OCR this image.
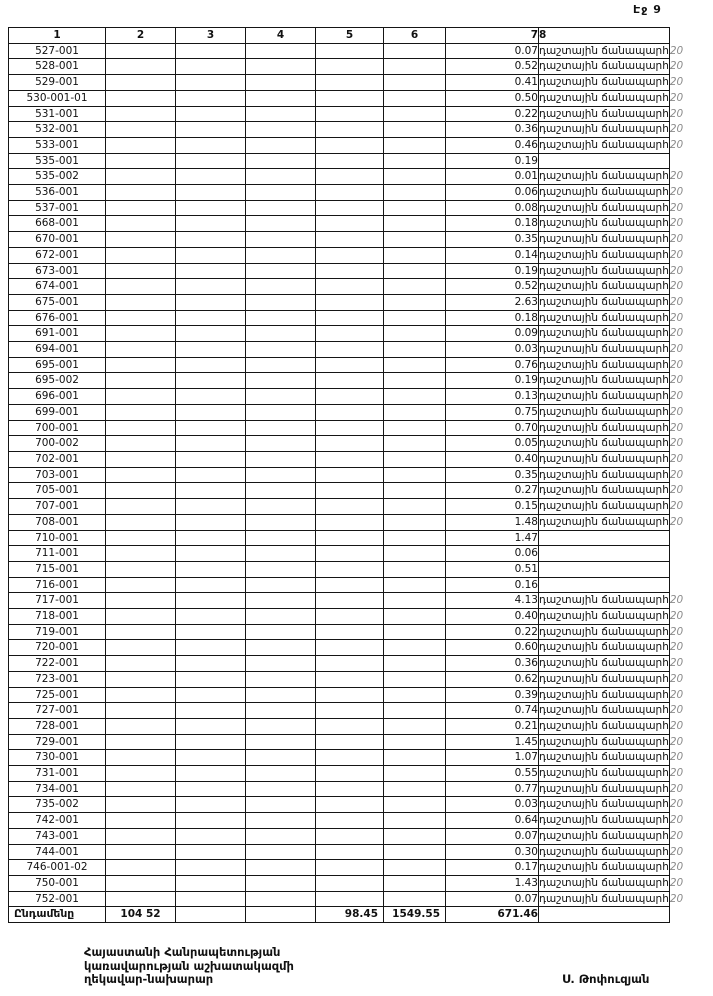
Էջ 9
1	2	3	4	5	6	7	8	
527-001						0.07	դաշտային ճանապարհ	20
528-001						0.52	դաշտային ճանապարհ	20
529-001						0.41	դաշտային ճանապարհ	20
530-001-01						0.50	դաշտային ճանապարհ	20
531-001						0.22	դաշտային ճանապարհ	20
532-001						0.36	դաշտային ճանապարհ	20
533-001						0.46	դաշտային ճանապարհ	20
535-001						0.19		
535-002						0.01	դաշտային ճանապարհ	20
536-001						0.06	դաշտային ճանապարհ	20
537-001						0.08	դաշտային ճանապարհ	20
668-001						0.18	դաշտային ճանապարհ	20
670-001						0.35	դաշտային ճանապարհ	20
672-001						0.14	դաշտային ճանապարհ	20
673-001						0.19	դաշտային ճանապարհ	20
674-001						0.52	դաշտային ճանապարհ	20
675-001						2.63	դաշտային ճանապարհ	20
676-001						0.18	դաշտային ճանապարհ	20
691-001						0.09	դաշտային ճանապարհ	20
694-001						0.03	դաշտային ճանապարհ	20
695-001						0.76	դաշտային ճանապարհ	20
695-002						0.19	դաշտային ճանապարհ	20
696-001						0.13	դաշտային ճանապարհ	20
699-001						0.75	դաշտային ճանապարհ	20
700-001						0.70	դաշտային ճանապարհ	20
700-002						0.05	դաշտային ճանապարհ	20
702-001						0.40	դաշտային ճանապարհ	20
703-001						0.35	դաշտային ճանապարհ	20
705-001						0.27	դաշտային ճանապարհ	20
707-001						0.15	դաշտային ճանապարհ	20
708-001						1.48	դաշտային ճանապարհ	20
710-001						1.47		
711-001						0.06		
715-001						0.51		
716-001						0.16		
717-001						4.13	դաշտային ճանապարհ	20
718-001						0.40	դաշտային ճանապարհ	20
719-001						0.22	դաշտային ճանապարհ	20
720-001						0.60	դաշտային ճանապարհ	20
722-001						0.36	դաշտային ճանապարհ	20
723-001						0.62	դաշտային ճանապարհ	20
725-001						0.39	դաշտային ճանապարհ	20
727-001						0.74	դաշտային ճանապարհ	20
728-001						0.21	դաշտային ճանապարհ	20
729-001						1.45	դաշտային ճանապարհ	20
730-001						1.07	դաշտային ճանապարհ	20
731-001						0.55	դաշտային ճանապարհ	20
734-001						0.77	դաշտային ճանապարհ	20
735-002						0.03	դաշտային ճանապարհ	20
742-001						0.64	դաշտային ճանապարհ	20
743-001						0.07	դաշտային ճանապարհ	20
744-001						0.30	դաշտային ճանապարհ	20
746-001-02						0.17	դաշտային ճանապարհ	20
750-001						1.43	դաշտային ճանապարհ	20
752-001						0.07	դաշտային ճանապարհ	20
Ընդամենը	104 52			98.45	1549.55	671.46		
Հայաստանի Հանրապետության
կառավարության աշխատակազմի
ղեկավար-նախարար	Ս. Թոփուզյան
